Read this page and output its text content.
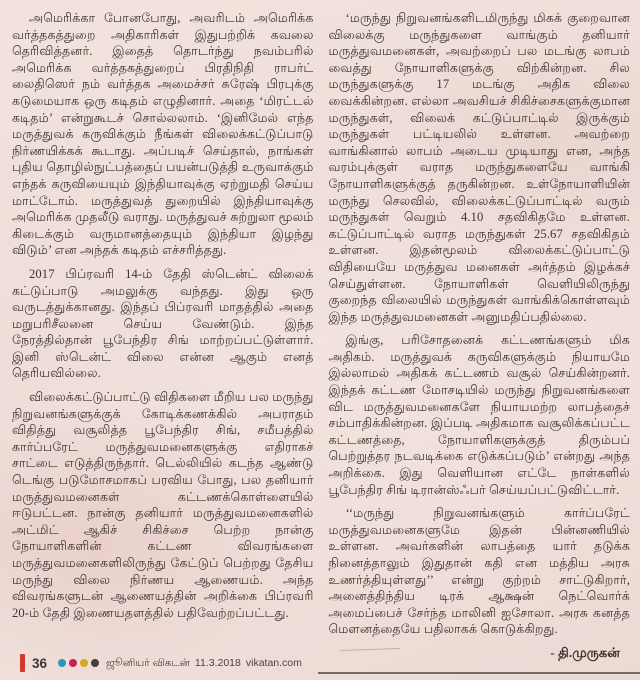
அமெரிக்கா போனபோது, அவரிடம் அமெரிக்க வர்த்தகத்துறை அதிகாரிகள் இதுபற்றிக் கவலை தெரிவித்தனர். இதைத் தொடர்ந்து நவம்பரில் அமெரிக்க வர்த்தகத்துறைப் பிரதிநிதி ராபர்ட் லைதிஸெர் நம் வர்த்தக அமைச்சர் சுரேஷ் பிரபுக்கு கடுமையாக ஒரு கடிதம் எழுதினார். அதை ‘மிரட்டல் கடிதம்’ என்றுகூடச் சொல்லலாம். ‘இனிமேல் எந்த மருத்துவக் கருவிக்கும் நீங்கள் விலைக்கட்டுப்பாடு நிர்ணயிக்கக் கூடாது. அப்படிச் செய்தால், நாங்கள் புதிய தொழில்நுட்பத்தைப் பயன்படுத்தி உருவாக்கும் எந்தக் கருவியையும் இந்தியாவுக்கு ஏற்றுமதி செய்ய மாட்டோம். மருத்துவத் துறையில் இந்தியாவுக்கு அமெரிக்க முதலீடு வராது. மருத்துவச் சுற்றுலா மூலம் கிடைக்கும் வருமானத்தையும் இந்தியா இழந்து விடும்’ என அந்தக் கடிதம் எச்சரித்தது.

2017 பிப்ரவரி 14-ம் தேதி ஸ்டென்ட் விலைக் கட்டுப்பாடு அமலுக்கு வந்தது. இது ஒரு வருடத்துக்கானது. இந்தப் பிப்ரவரி மாதத்தில் அதை மறுபரிசீலனை செய்ய வேண்டும். இந்த நேரத்தில்தான் பூபேந்திர சிங் மாற்றப்பட்டுள்ளார். இனி ஸ்டென்ட் விலை என்ன ஆகும் எனத் தெரியவில்லை.

விலைக்கட்டுப்பாட்டு விதிகளை மீறிய பல மருந்து நிறுவனங்களுக்குக் கோடிக்கணக்கில் அபராதம் விதித்து வசூலித்த பூபேந்திர சிங், சமீபத்தில் கார்ப்பரேட் மருத்துவமனைகளுக்கு எதிராகச் சாட்டை எடுத்திருந்தார். டெல்லியில் கடந்த ஆண்டு டெங்கு படுமோசமாகப் பரவிய போது, பல தனியார் மருத்துவமனைகள் கட்டணக்கொள்ளையில் ஈடுபட்டன. நான்கு தனியார் மருத்துவமனைகளில் அட்மிட் ஆகிச் சிகிச்சை பெற்ற நான்கு நோயாளிகளின் கட்டண விவரங்களை மருத்துவமனைகளிலிருந்து கேட்டுப் பெற்றது தேசிய மருந்து விலை நிர்ணய ஆணையம். அந்த விவரங்களுடன் ஆணையத்தின் அறிக்கை பிப்ரவரி 20-ம் தேதி இணையதளத்தில் பதிவேற்றப்பட்டது.

‘மருந்து நிறுவனங்களிடமிருந்து மிகக் குறைவான விலைக்கு மருந்துகளை வாங்கும் தனியார் மருத்துவமனைகள், அவற்றைப் பல மடங்கு லாபம் வைத்து நோயாளிகளுக்கு விற்கின்றன. சில மருந்துகளுக்கு 17 மடங்கு அதிக விலை வைக்கின்றன. எல்லா அவசியச் சிகிச்சைகளுக்குமான மருந்துகள், விலைக் கட்டுப்பாட்டில் இருக்கும் மருந்துகள் பட்டியலில் உள்ளன. அவற்றை வாங்கினால் லாபம் அடைய முடியாது என, அந்த வரம்புக்குள் வராத மருந்துகளையே வாங்கி நோயாளிகளுக்குத் தருகின்றன. உள்நோயாளியின் மருந்து செலவில், விலைக்கட்டுப்பாட்டில் வரும் மருந்துகள் வெறும் 4.10 சதவிகிதமே உள்ளன. கட்டுப்பாட்டில் வராத மருந்துகள் 25.67 சதவிகிதம் உள்ளன. இதன்மூலம் விலைக்கட்டுப்பாட்டு விதியையே மருத்துவ மனைகள் அர்த்தம் இழக்கச் செய்துள்ளன. நோயாளிகள் வெளியிலிருந்து குறைந்த விலையில் மருந்துகள் வாங்கிக்கொள்ளவும் இந்த மருத்துவமனைகள் அனுமதிப்பதில்லை.

இங்கு, பரிசோதனைக் கட்டணங்களும் மிக அதிகம். மருத்துவக் கருவிகளுக்கும் நியாயமே இல்லாமல் அதிகக் கட்டணம் வசூல் செய்கின்றனர். இந்தக் கட்டண மோசடியில் மருந்து நிறுவனங்களை விட மருத்துவமனைகளே நியாயமற்ற லாபத்தைச் சம்பாதிக்கின்றன. இப்படி அதிகமாக வசூலிக்கப்பட்ட கட்டணத்தை, நோயாளிகளுக்குத் திரும்பப் பெற்றுத்தர நடவடிக்கை எடுக்கப்படும்’ என்றது அந்த அறிக்கை. இது வெளியான எட்டே நாள்களில் பூபேந்திர சிங் டிரான்ஸ்ஃபர் செய்யப்பட்டுவிட்டார்.

‘‘மருந்து நிறுவனங்களும் கார்ப்பரேட் மருத்துவமனைகளுமே இதன் பின்னணியில் உள்ளன. அவர்களின் லாபத்தை யார் தடுக்க நினைத்தாலும் இதுதான் கதி என மத்திய அரசு உணர்த்தியுள்ளது’’ என்று குற்றம் சாட்டுகிறார், அனைத்திந்திய டிரக் ஆக்ஷன் நெட்வொர்க் அமைப்பைச் சேர்ந்த மாலினி ஐசோலா. அரசு கனத்த மௌனத்தையே பதிலாகக் கொடுக்கிறது.

- தி.முருகன்
36	ஜூனியர் விகடன் 11.3.2018 vikatan.com
